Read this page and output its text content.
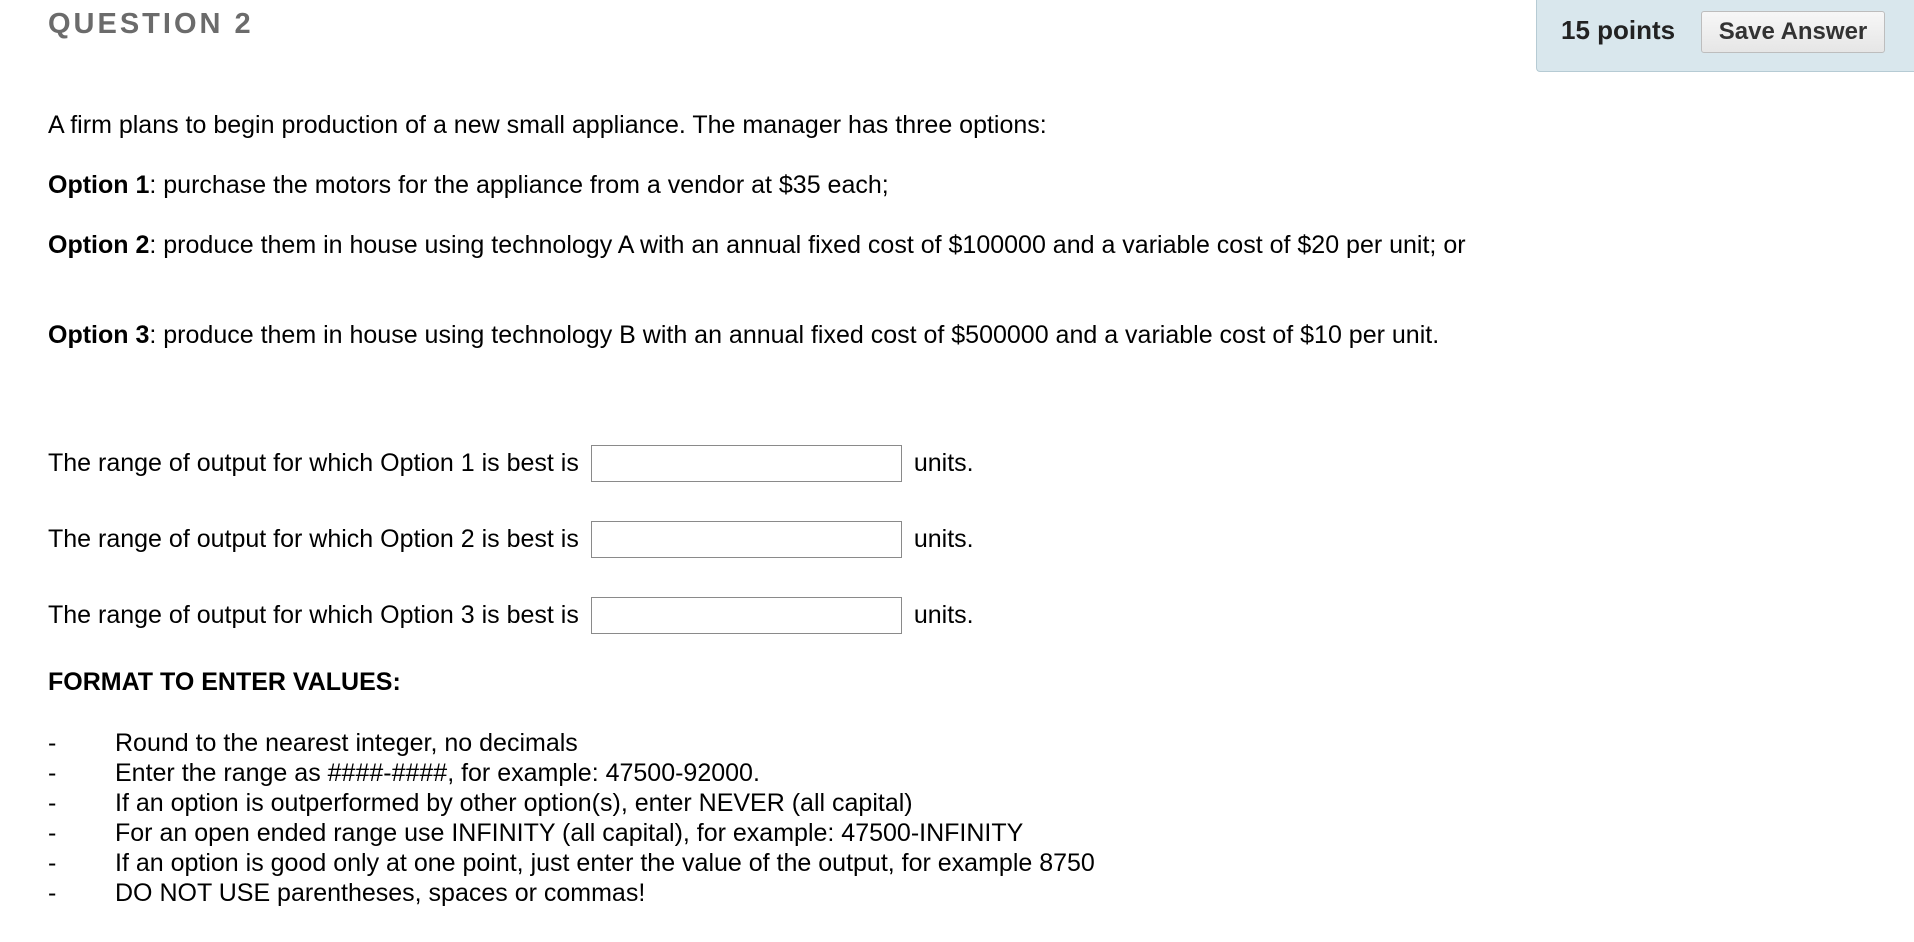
QUESTION 2	15 points	Save Answer
A firm plans to begin production of a new small appliance. The manager has three options:
Option 1: purchase the motors for the appliance from a vendor at $35 each;
Option 2: produce them in house using technology A with an annual fixed cost of $100000 and a variable cost of $20 per unit; or
Option 3: produce them in house using technology B with an annual fixed cost of $500000 and a variable cost of $10 per unit.
The range of output for which Option 1 is best is	units.
The range of output for which Option 2 is best is	units.
The range of output for which Option 3 is best is	units.
FORMAT TO ENTER VALUES:
-	Round to the nearest integer, no decimals
-	Enter the range as ####-####, for example: 47500-92000.
-	If an option is outperformed by other option(s), enter NEVER (all capital)
-	For an open ended range use INFINITY (all capital), for example: 47500-INFINITY
-	If an option is good only at one point, just enter the value of the output, for example 8750
-	DO NOT USE parentheses, spaces or commas!
